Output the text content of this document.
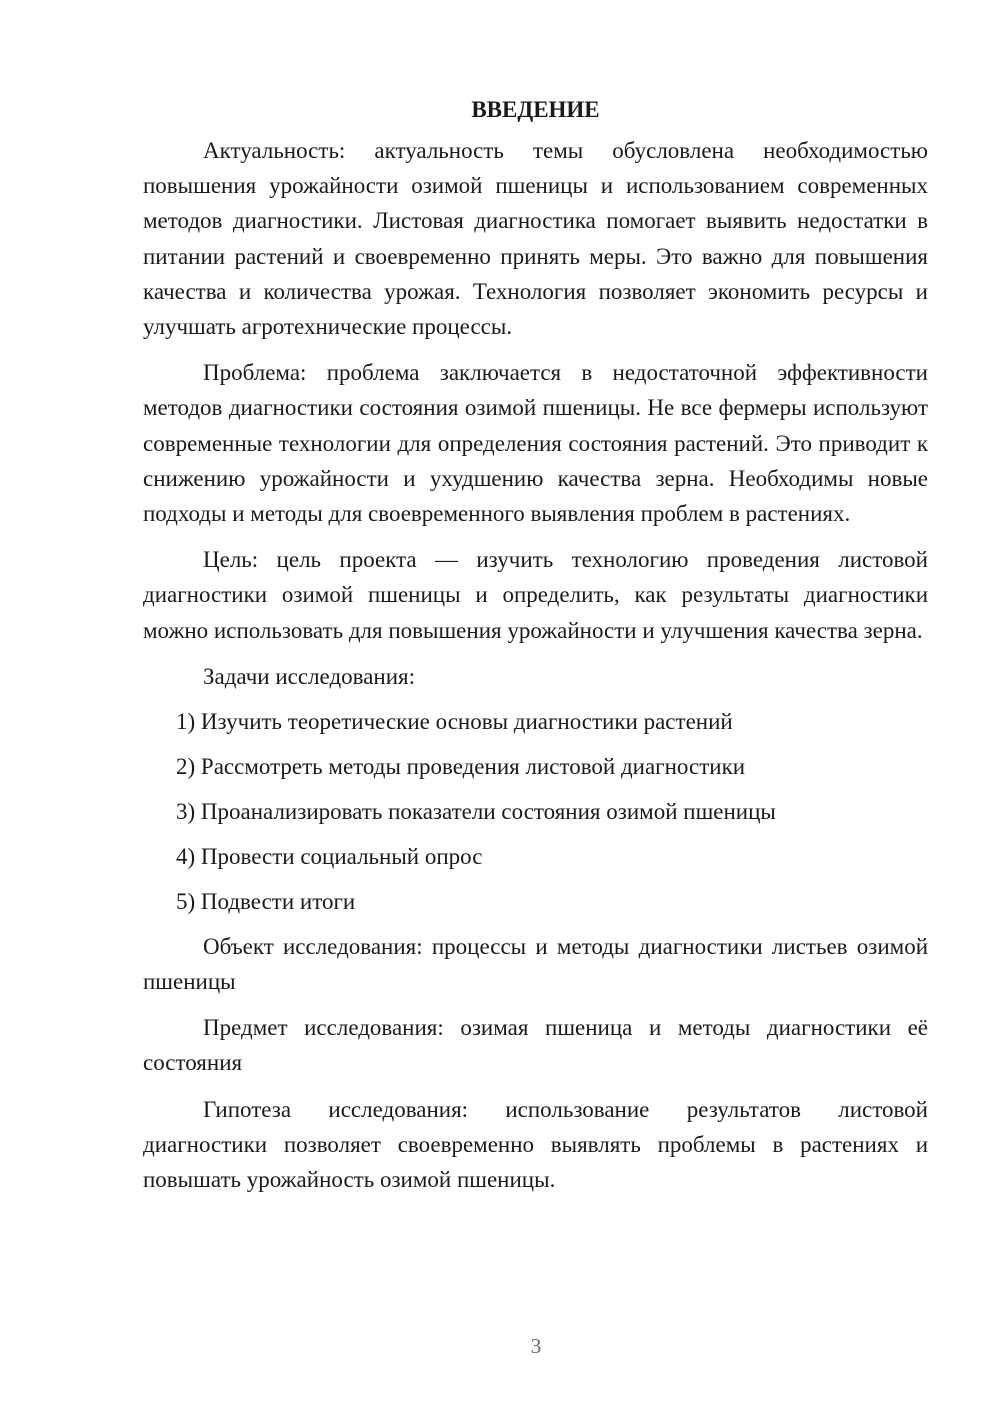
ВВЕДЕНИЕ

Актуальность: актуальность темы обусловлена необходимостью повышения урожайности озимой пшеницы и использованием современных методов диагностики. Листовая диагностика помогает выявить недостатки в питании растений и своевременно принять меры. Это важно для повышения качества и количества урожая. Технология позволяет экономить ресурсы и улучшать агротехнические процессы.

Проблема: проблема заключается в недостаточной эффективности методов диагностики состояния озимой пшеницы. Не все фермеры используют современные технологии для определения состояния растений. Это приводит к снижению урожайности и ухудшению качества зерна. Необходимы новые подходы и методы для своевременного выявления проблем в растениях.

Цель: цель проекта — изучить технологию проведения листовой диагностики озимой пшеницы и определить, как результаты диагностики можно использовать для повышения урожайности и улучшения качества зерна.

Задачи исследования:
1) Изучить теоретические основы диагностики растений
2) Рассмотреть методы проведения листовой диагностики
3) Проанализировать показатели состояния озимой пшеницы
4) Провести социальный опрос
5) Подвести итоги

Объект исследования: процессы и методы диагностики листьев озимой пшеницы

Предмет исследования: озимая пшеница и методы диагностики её состояния

Гипотеза исследования: использование результатов листовой диагностики позволяет своевременно выявлять проблемы в растениях и повышать урожайность озимой пшеницы.

3
